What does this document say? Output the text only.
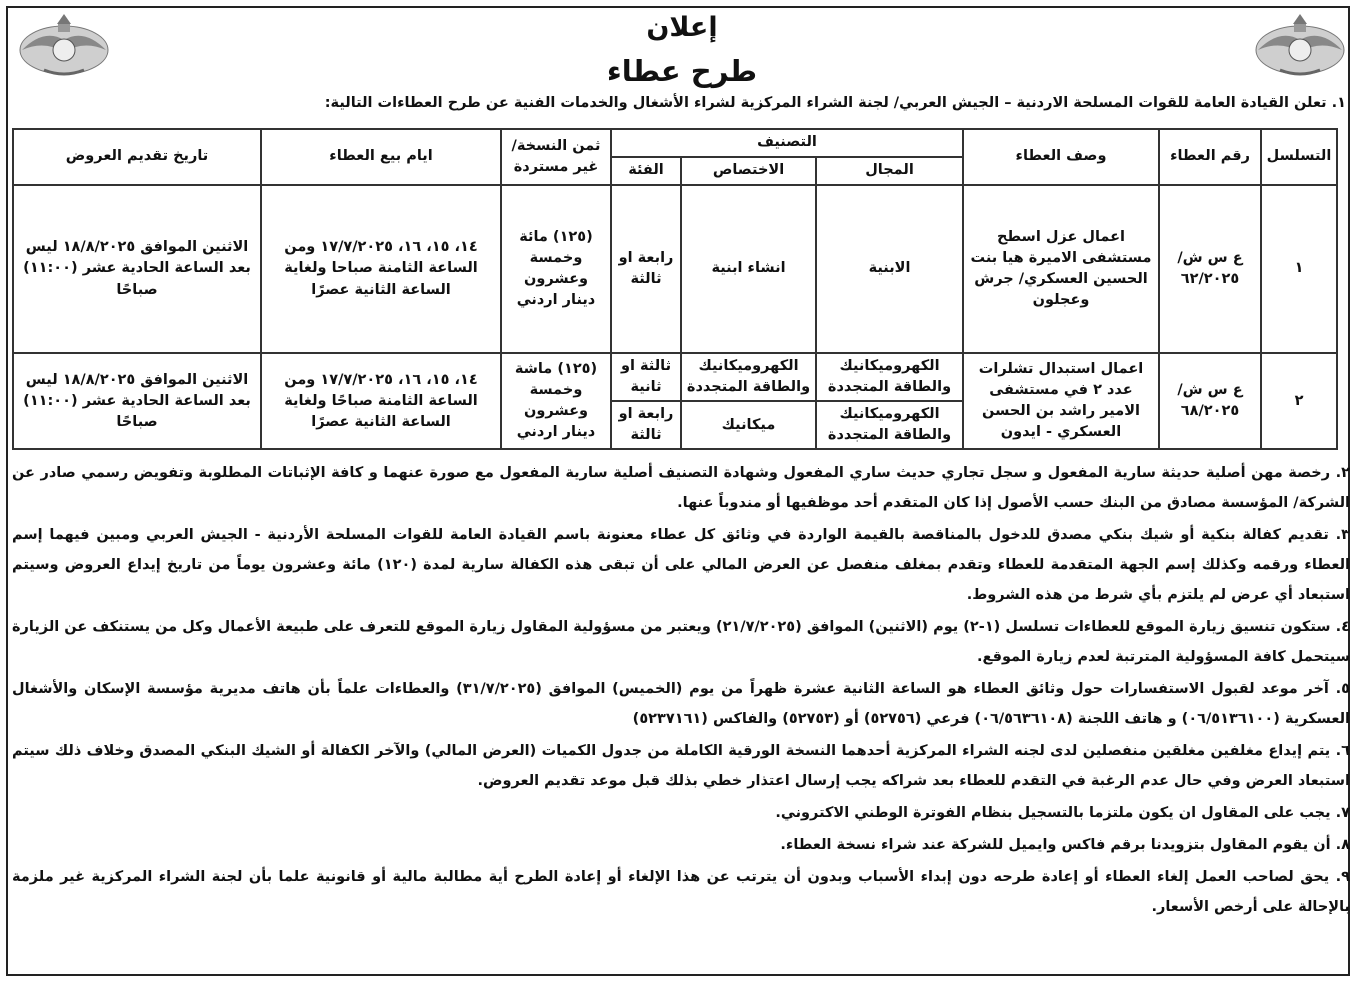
إعلان
طرح عطاء
١. تعلن القيادة العامة للقوات المسلحة الاردنية – الجيش العربي/ لجنة الشراء المركزية لشراء الأشغال والخدمات الفنية عن طرح العطاءات التالية:
التسلسل	رقم العطاء	وصف العطاء	التصنيف			ثمن النسخة/ غير مستردة	ايام بيع العطاء	تاريخ تقديم العروض
			المجال	الاختصاص	الفئة			
١	ع س ش/٦٢/٢٠٢٥	اعمال عزل اسطح مستشفى الاميرة هيا بنت الحسين العسكري/ جرش وعجلون	الابنية	انشاء ابنية	رابعة او ثالثة	(١٢٥) مائة وخمسة وعشرون دينار اردني	١٤، ١٥، ١٦، ١٧/٧/٢٠٢٥ ومن الساعة الثامنة صباحا ولغاية الساعة الثانية عصرًا	الاثنين الموافق ١٨/٨/٢٠٢٥ ليس بعد الساعة الحادية عشر (١١:٠٠) صباحًا
٢	ع س ش/٦٨/٢٠٢٥	اعمال استبدال تشلرات عدد ٢ في مستشفى الامير راشد بن الحسن العسكري - ايدون	الكهروميكانيك والطاقة المتجددة	الكهروميكانيك والطاقة المتجددة	ثالثة او ثانية	(١٢٥) ماشة وخمسة وعشرون دينار اردني	١٤، ١٥، ١٦، ١٧/٧/٢٠٢٥ ومن الساعة الثامنة صباحًا ولغاية الساعة الثانية عصرًا	الاثنين الموافق ١٨/٨/٢٠٢٥ ليس بعد الساعة الحادية عشر (١١:٠٠) صباحًا
			الكهروميكانيك والطاقة المتجددة	ميكانيك	رابعة او ثالثة			

٢. رخصة مهن أصلية حديثة سارية المفعول و سجل تجاري حديث ساري المفعول وشهادة التصنيف أصلية سارية المفعول مع صورة عنهما و كافة الإثباتات المطلوبة وتفويض رسمي صادر عن الشركة/ المؤسسة مصادق من البنك حسب الأصول إذا كان المتقدم أحد موظفيها أو مندوباً عنها.

٣. تقديم كفالة بنكية أو شيك بنكي مصدق للدخول بالمناقصة بالقيمة الواردة في وثائق كل عطاء معنونة باسم القيادة العامة للقوات المسلحة الأردنية - الجيش العربي ومبين فيهما إسم العطاء ورقمه وكذلك إسم الجهة المتقدمة للعطاء وتقدم بمغلف منفصل عن العرض المالي على أن تبقى هذه الكفالة سارية لمدة (١٢٠) مائة وعشرون يوماً من تاريخ إيداع العروض وسيتم استبعاد أي عرض لم يلتزم بأي شرط من هذه الشروط.

٤. ستكون تنسيق زيارة الموقع للعطاءات تسلسل (١-٢) يوم (الاثنين) الموافق (٢١/٧/٢٠٢٥) ويعتبر من مسؤولية المقاول زيارة الموقع للتعرف على طبيعة الأعمال وكل من يستنكف عن الزيارة سيتحمل كافة المسؤولية المترتبة لعدم زيارة الموقع.

٥. آخر موعد لقبول الاستفسارات حول وثائق العطاء هو الساعة الثانية عشرة ظهراً من يوم (الخميس) الموافق (٣١/٧/٢٠٢٥) والعطاءات علماً بأن هاتف مديرية مؤسسة الإسكان والأشغال العسكرية (٠٦/٥١٣٦١٠٠) و هاتف اللجنة (٠٦/٥٦٣٦١٠٨) فرعي (٥٢٧٥٦) أو (٥٢٧٥٣) والفاكس (٥٢٣٧١٦١)

٦. يتم إيداع مغلفين مغلقين منفصلين لدى لجنه الشراء المركزية أحدهما النسخة الورقية الكاملة من جدول الكميات (العرض المالي) والآخر الكفالة أو الشيك البنكي المصدق وخلاف ذلك سيتم استبعاد العرض وفي حال عدم الرغبة في التقدم للعطاء بعد شراكه يجب إرسال اعتذار خطي بذلك قبل موعد تقديم العروض.

٧. يجب على المقاول ان يكون ملتزما بالتسجيل بنظام الفوترة الوطني الاكتروني.

٨. أن يقوم المقاول بتزويدنا برقم فاكس وايميل للشركة عند شراء نسخة العطاء.

٩. يحق لصاحب العمل إلغاء العطاء أو إعادة طرحه دون إبداء الأسباب وبدون أن يترتب عن هذا الإلغاء أو إعادة الطرح أية مطالبة مالية أو قانونية علما بأن لجنة الشراء المركزية غير ملزمة بالإحالة على أرخص الأسعار.
